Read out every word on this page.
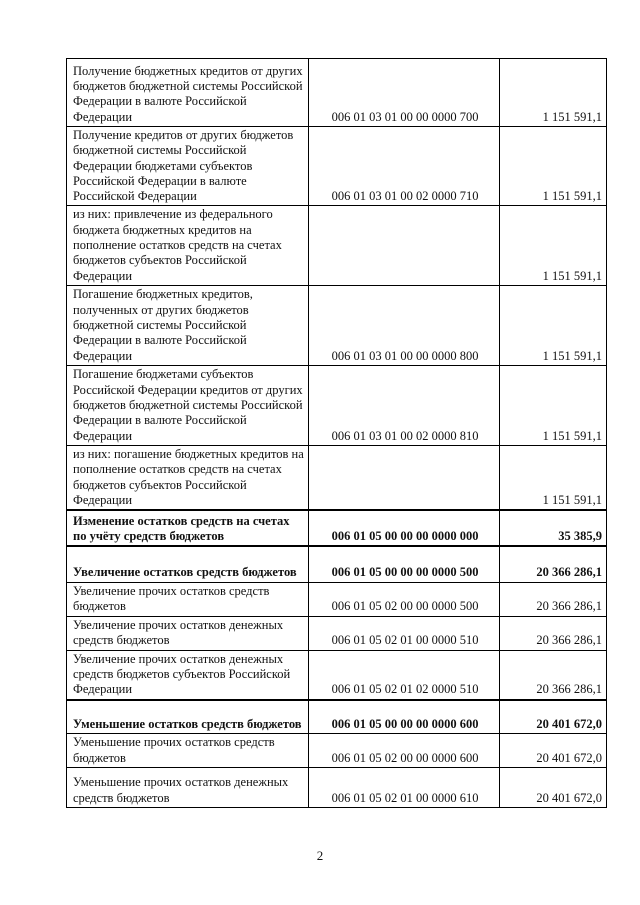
Получение бюджетных кредитов от других бюджетов бюджетной системы Российской Федерации в валюте Российской Федерации	006 01 03 01 00 00 0000 700	1 151 591,1
Получение кредитов от других бюджетов бюджетной системы Российской Федерации бюджетами субъектов Российской Федерации в валюте Российской Федерации	006 01 03 01 00 02 0000 710	1 151 591,1
из них: привлечение из федерального бюджета бюджетных кредитов на пополнение остатков средств на счетах бюджетов субъектов Российской Федерации		1 151 591,1
Погашение бюджетных кредитов, полученных от других бюджетов бюджетной системы Российской Федерации в валюте Российской Федерации	006 01 03 01 00 00 0000 800	1 151 591,1
Погашение бюджетами субъектов Российской Федерации кредитов от других бюджетов бюджетной системы Российской Федерации в валюте Российской Федерации	006 01 03 01 00 02 0000 810	1 151 591,1
из них: погашение бюджетных кредитов на пополнение остатков средств на счетах бюджетов субъектов Российской Федерации		1 151 591,1
Изменение остатков средств на счетах по учёту средств бюджетов	006 01 05 00 00 00 0000 000	35 385,9
Увеличение остатков средств бюджетов	006 01 05 00 00 00 0000 500	20 366 286,1
Увеличение прочих остатков средств бюджетов	006 01 05 02 00 00 0000 500	20 366 286,1
Увеличение прочих остатков денежных средств бюджетов	006 01 05 02 01 00 0000 510	20 366 286,1
Увеличение прочих остатков денежных средств бюджетов субъектов Российской Федерации	006 01 05 02 01 02 0000 510	20 366 286,1
Уменьшение остатков средств бюджетов	006 01 05 00 00 00 0000 600	20 401 672,0
Уменьшение прочих остатков средств бюджетов	006 01 05 02 00 00 0000 600	20 401 672,0
Уменьшение прочих остатков денежных средств бюджетов	006 01 05 02 01 00 0000 610	20 401 672,0
2
